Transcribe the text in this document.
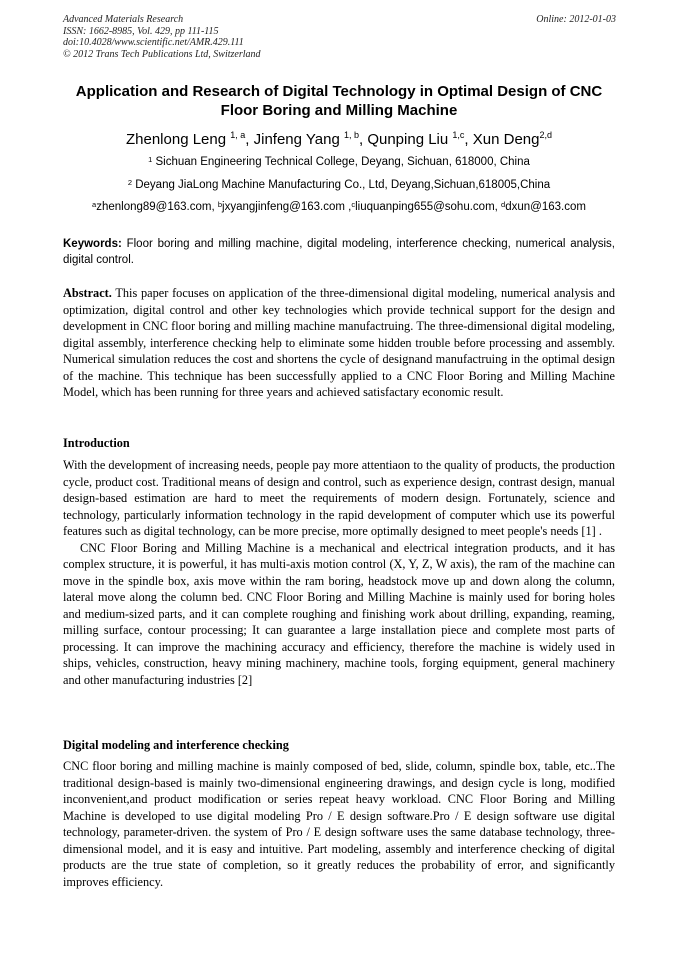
Advanced Materials Research
ISSN: 1662-8985, Vol. 429, pp 111-115
doi:10.4028/www.scientific.net/AMR.429.111
© 2012 Trans Tech Publications Ltd, Switzerland
Online: 2012-01-03
Application and Research of Digital Technology in Optimal Design of CNC Floor Boring and Milling Machine
Zhenlong Leng $^{1, a}$, Jinfeng Yang $^{1, b}$, Qunping Liu $^{1,c}$, Xun Deng$^{2,d}$
$^1$ Sichuan Engineering Technical College, Deyang, Sichuan, 618000, China
$^2$ Deyang JiaLong Machine Manufacturing Co., Ltd, Deyang,Sichuan,618005,China
$^a$zhenlong89@163.com, $^b$jxyangjinfeng@163.com ,$^c$liuquanping655@sohu.com, $^d$dxun@163.com
Keywords: Floor boring and milling machine, digital modeling, interference checking, numerical analysis, digital control.

Abstract. This paper focuses on application of the three-dimensional digital modeling, numerical analysis and optimization, digital control and other key technologies which provide technical support for the design and development in CNC floor boring and milling machine manufactruing. The three-dimensional digital modeling, digital assembly, interference checking help to eliminate some hidden trouble before processing and assembly. Numerical simulation reduces the cost and shortens the cycle of designand manufactruing in the optimal design of the machine. This technique has been successfully applied to a CNC Floor Boring and Milling Machine Model, which has been running for three years and achieved satisfactary economic result.

Introduction

With the development of increasing needs, people pay more attentiaon to the quality of products, the production cycle, product cost. Traditional means of design and control, such as experience design, contrast design, manual design-based estimation are hard to meet the requirements of modern design. Fortunately, science and technology, particularly information technology in the rapid development of computer which use its powerful features such as digital technology, can be more precise, more optimally designed to meet people's needs [1] .

CNC Floor Boring and Milling Machine is a mechanical and electrical integration products, and it has complex structure, it is powerful, it has multi-axis motion control (X, Y, Z, W axis), the ram of the machine can move in the spindle box, axis move within the ram boring, headstock move up and down along the column, lateral move along the column bed. CNC Floor Boring and Milling Machine is mainly used for boring holes and medium-sized parts, and it can complete roughing and finishing work about drilling, expanding, reaming, milling surface, contour processing; It can guarantee a large installation piece and complete most parts of processing. It can improve the machining accuracy and efficiency, therefore the machine is widely used in ships, vehicles, construction, heavy mining machinery, machine tools, forging equipment, general machinery and other manufacturing industries [2]

Digital modeling and interference checking

CNC floor boring and milling machine is mainly composed of bed, slide, column, spindle box, table, etc..The traditional design-based is mainly two-dimensional engineering drawings, and design cycle is long, modified inconvenient,and product modification or series repeat heavy workload. CNC Floor Boring and Milling Machine is developed to use digital modeling Pro / E design software.Pro / E design software use digital technology, parameter-driven. the system of Pro / E design software uses the same database technology, three-dimensional model, and it is easy and intuitive. Part modeling, assembly and interference checking of digital products are the true state of completion, so it greatly reduces the probability of error, and significantly improves efficiency.
